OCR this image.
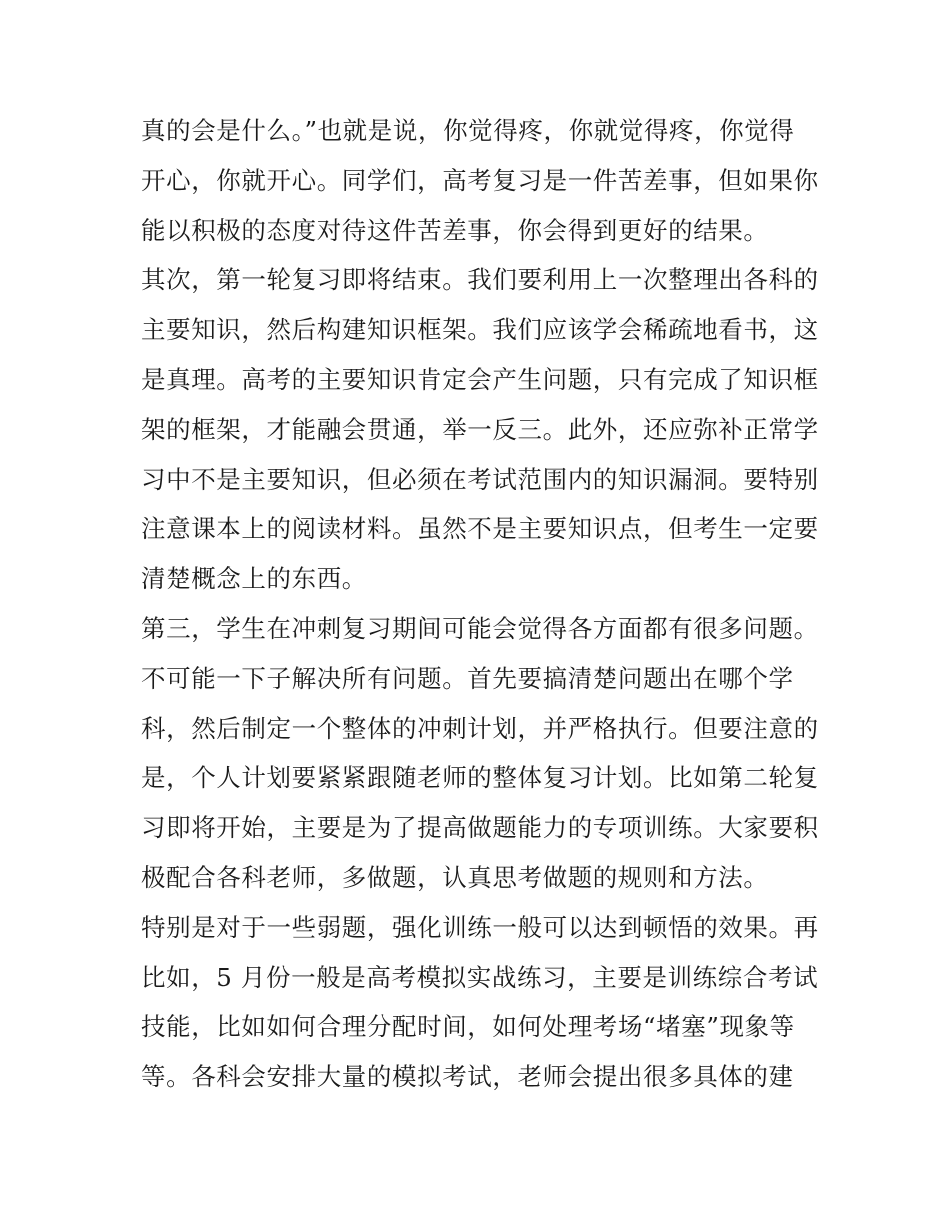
真的会是什么。”也就是说，你觉得疼，你就觉得疼，你觉得
开心，你就开心。同学们，高考复习是一件苦差事，但如果你
能以积极的态度对待这件苦差事，你会得到更好的结果。
其次，第一轮复习即将结束。我们要利用上一次整理出各科的
主要知识，然后构建知识框架。我们应该学会稀疏地看书，这
是真理。高考的主要知识肯定会产生问题，只有完成了知识框
架的框架，才能融会贯通，举一反三。此外，还应弥补正常学
习中不是主要知识，但必须在考试范围内的知识漏洞。要特别
注意课本上的阅读材料。虽然不是主要知识点，但考生一定要
清楚概念上的东西。
第三，学生在冲刺复习期间可能会觉得各方面都有很多问题。
不可能一下子解决所有问题。首先要搞清楚问题出在哪个学
科，然后制定一个整体的冲刺计划，并严格执行。但要注意的
是，个人计划要紧紧跟随老师的整体复习计划。比如第二轮复
习即将开始，主要是为了提高做题能力的专项训练。大家要积
极配合各科老师，多做题，认真思考做题的规则和方法。
特别是对于一些弱题，强化训练一般可以达到顿悟的效果。再
比如，5 月份一般是高考模拟实战练习，主要是训练综合考试
技能，比如如何合理分配时间，如何处理考场“堵塞”现象等
等。各科会安排大量的模拟考试，老师会提出很多具体的建
